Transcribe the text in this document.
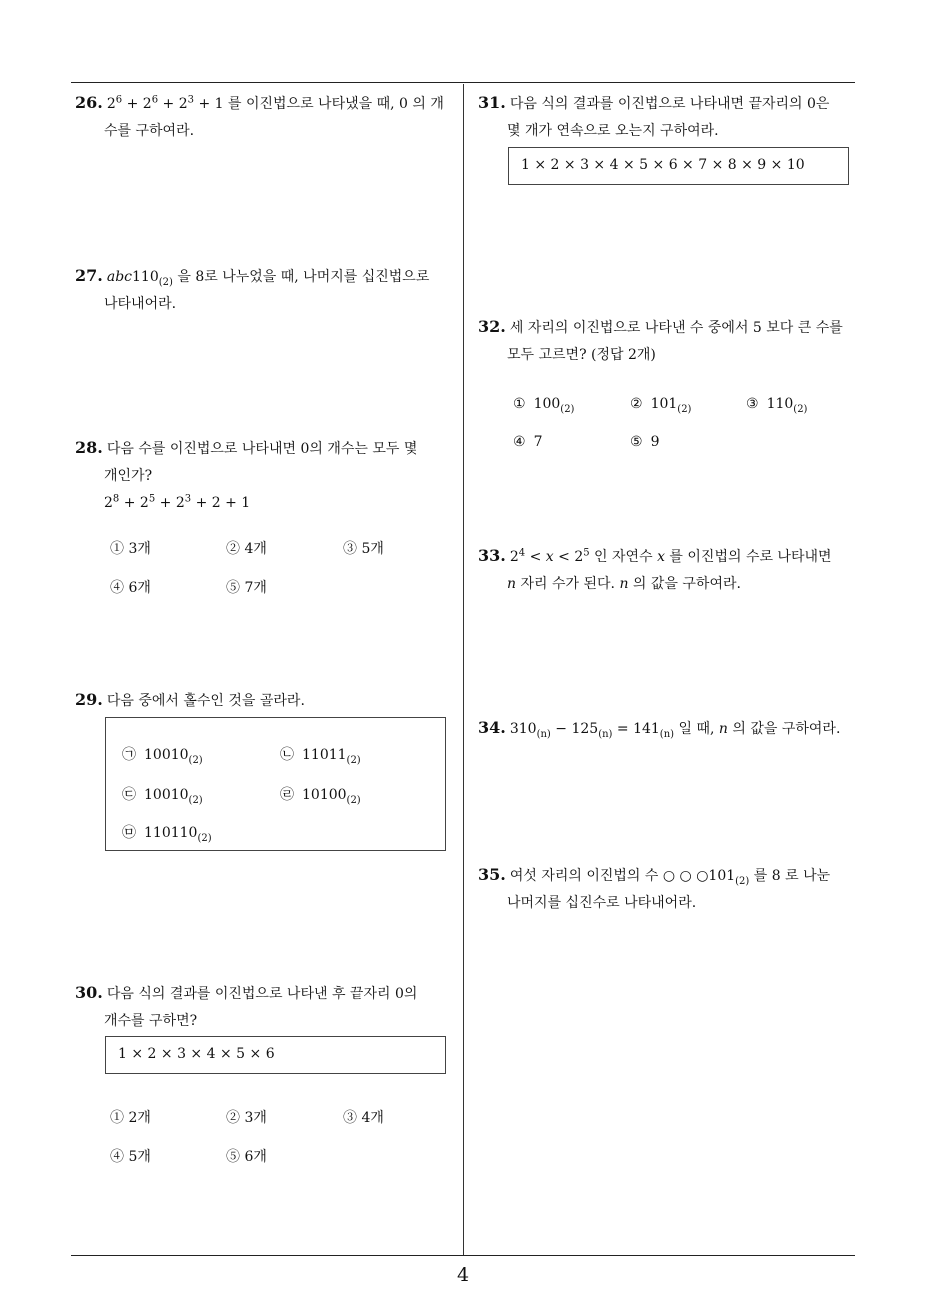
4
26. $2^6 + 2^6 + 2^3 + 1$ 를 이진법으로 나타냈을 때, 0 의 개
수를 구하여라.
27. $abc110_{(2)}$ 을 8로 나누었을 때, 나머지를 십진법으로
나타내어라.
28. 다음 수를 이진법으로 나타내면 0의 개수는 모두 몇
개인가?
$2^8 + 2^5 + 2^3 + 2 + 1$
① 3개	② 4개	③ 5개
④ 6개	⑤ 7개
29. 다음 중에서 홀수인 것을 골라라.
㉠ $10010_{(2)}$	㉡ $11011_{(2)}$
㉢ $10010_{(2)}$	㉣ $10100_{(2)}$
㉤ $110110_{(2)}$
30. 다음 식의 결과를 이진법으로 나타낸 후 끝자리 0의
개수를 구하면?
1 × 2 × 3 × 4 × 5 × 6
① 2개	② 3개	③ 4개
④ 5개	⑤ 6개
31. 다음 식의 결과를 이진법으로 나타내면 끝자리의 0은
몇 개가 연속으로 오는지 구하여라.
1 × 2 × 3 × 4 × 5 × 6 × 7 × 8 × 9 × 10
32. 세 자리의 이진법으로 나타낸 수 중에서 5 보다 큰 수를
모두 고르면? (정답 2개)
① $100_{(2)}$	② $101_{(2)}$	③ $110_{(2)}$
④ 7	⑤ 9
33. $2^4 < x < 2^5$ 인 자연수 x 를 이진법의 수로 나타내면
n 자리 수가 된다. n 의 값을 구하여라.
34. $310_{(n)} - 125_{(n)} = 141_{(n)}$ 일 때, n 의 값을 구하여라.
35. 여섯 자리의 이진법의 수 ○ ○ $○101_{(2)}$ 를 8 로 나눈
나머지를 십진수로 나타내어라.
